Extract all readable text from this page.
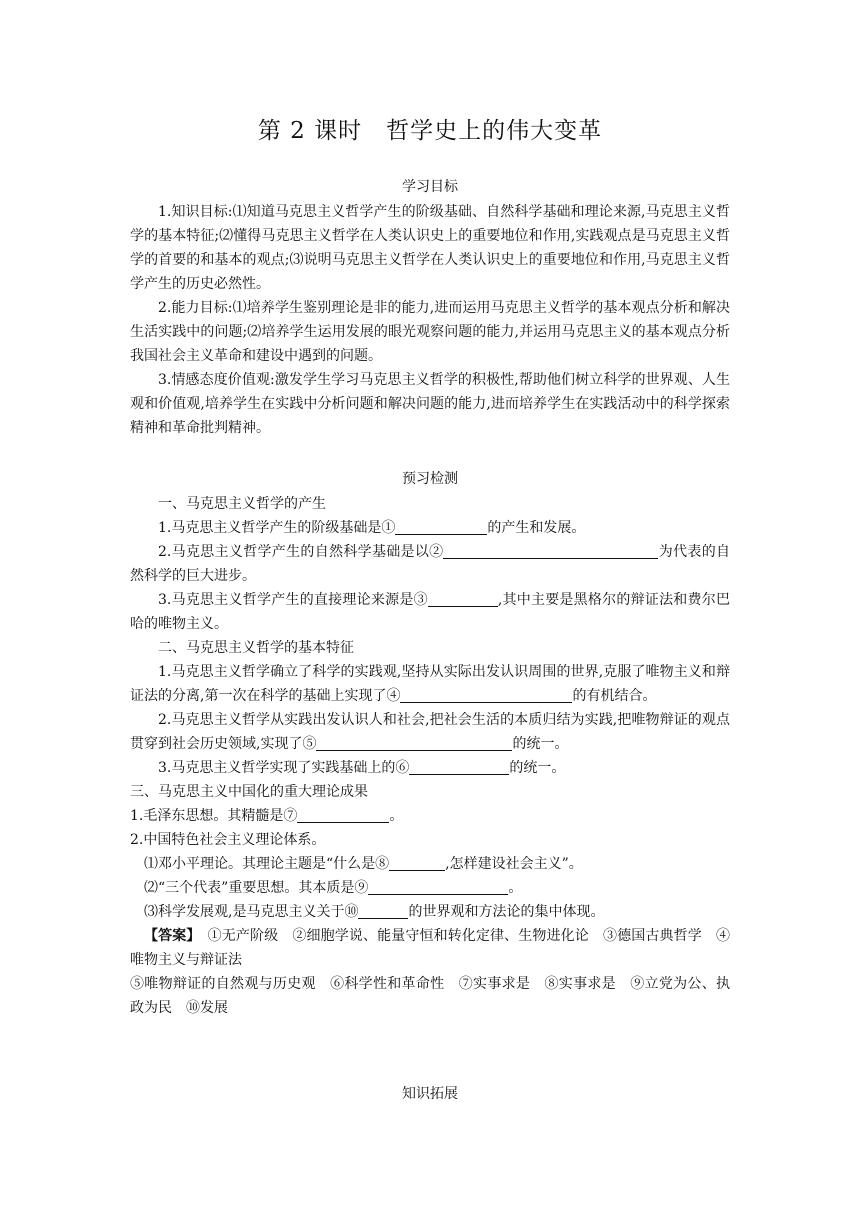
第 2 课时　哲学史上的伟大变革
学习目标

1.知识目标:⑴知道马克思主义哲学产生的阶级基础、自然科学基础和理论来源,马克思主义哲学的基本特征;⑵懂得马克思主义哲学在人类认识史上的重要地位和作用,实践观点是马克思主义哲学的首要的和基本的观点;⑶说明马克思主义哲学在人类认识史上的重要地位和作用,马克思主义哲学产生的历史必然性。

2.能力目标:⑴培养学生鉴别理论是非的能力,进而运用马克思主义哲学的基本观点分析和解决生活实践中的问题;⑵培养学生运用发展的眼光观察问题的能力,并运用马克思主义的基本观点分析我国社会主义革命和建设中遇到的问题。

3.情感态度价值观:激发学生学习马克思主义哲学的积极性,帮助他们树立科学的世界观、人生观和价值观,培养学生在实践中分析问题和解决问题的能力,进而培养学生在实践活动中的科学探索精神和革命批判精神。

预习检测

一、马克思主义哲学的产生

1.马克思主义哲学产生的阶级基础是①	的产生和发展。

2.马克思主义哲学产生的自然科学基础是以②	为代表的自然科学的巨大进步。

3.马克思主义哲学产生的直接理论来源是③	,其中主要是黑格尔的辩证法和费尔巴哈的唯物主义。

二、马克思主义哲学的基本特征

1.马克思主义哲学确立了科学的实践观,坚持从实际出发认识周围的世界,克服了唯物主义和辩证法的分离,第一次在科学的基础上实现了④	的有机结合。

2.马克思主义哲学从实践出发认识人和社会,把社会生活的本质归结为实践,把唯物辩证的观点贯穿到社会历史领域,实现了⑤	的统一。

3.马克思主义哲学实现了实践基础上的⑥	的统一。

三、马克思主义中国化的重大理论成果

1.毛泽东思想。其精髓是⑦	。

2.中国特色社会主义理论体系。

⑴邓小平理论。其理论主题是“什么是⑧	,怎样建设社会主义”。

⑵“三个代表”重要思想。其本质是⑨	。

⑶科学发展观,是马克思主义关于⑩	的世界观和方法论的集中体现。

【答案】　①无产阶级　②细胞学说、能量守恒和转化定律、生物进化论　③德国古典哲学　④唯物主义与辩证法

⑤唯物辩证的自然观与历史观　⑥科学性和革命性　⑦实事求是　⑧实事求是　⑨立党为公、执政为民　⑩发展

知识拓展
